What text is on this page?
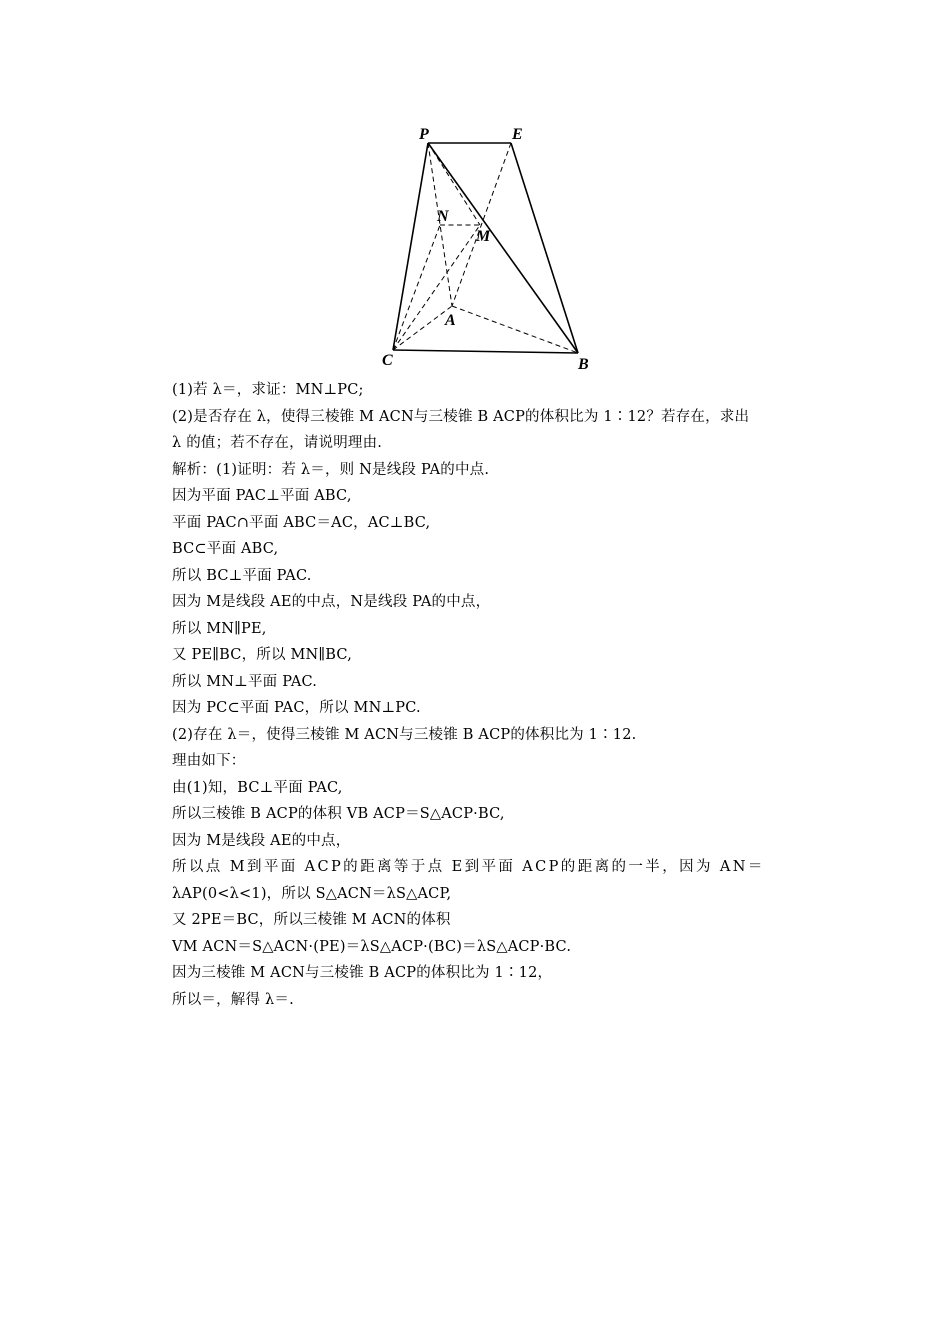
P	E
N
M
A
C	B
(1)若 λ＝，求证：MN⊥PC;
(2)是否存在 λ，使得三棱锥 M ACN与三棱锥 B ACP的体积比为 1∶12？若存在，求出
λ 的值；若不存在，请说明理由.
解析：(1)证明：若 λ＝，则 N是线段 PA的中点.
因为平面 PAC⊥平面 ABC,
平面 PAC∩平面 ABC＝AC，AC⊥BC,
BC⊂平面 ABC,
所以 BC⊥平面 PAC.
因为 M是线段 AE的中点，N是线段 PA的中点，
所以 MN∥PE,
又 PE∥BC，所以 MN∥BC,
所以 MN⊥平面 PAC.
因为 PC⊂平面 PAC，所以 MN⊥PC.
(2)存在 λ＝，使得三棱锥 M ACN与三棱锥 B ACP的体积比为 1∶12.
理由如下：
由(1)知，BC⊥平面 PAC,
所以三棱锥 B ACP的体积 VB ACP＝S△ACP·BC,
因为 M是线段 AE的中点，
所以点 M到平面 ACP的距离等于点 E到平面 ACP的距离的一半，因为 AN＝
λAP(0<λ<1)，所以 S△ACN＝λS△ACP,
又 2PE＝BC，所以三棱锥 M ACN的体积
VM ACN＝S△ACN·(PE)＝λS△ACP·(BC)＝λS△ACP·BC.
因为三棱锥 M ACN与三棱锥 B ACP的体积比为 1∶12，
所以＝，解得 λ＝.
